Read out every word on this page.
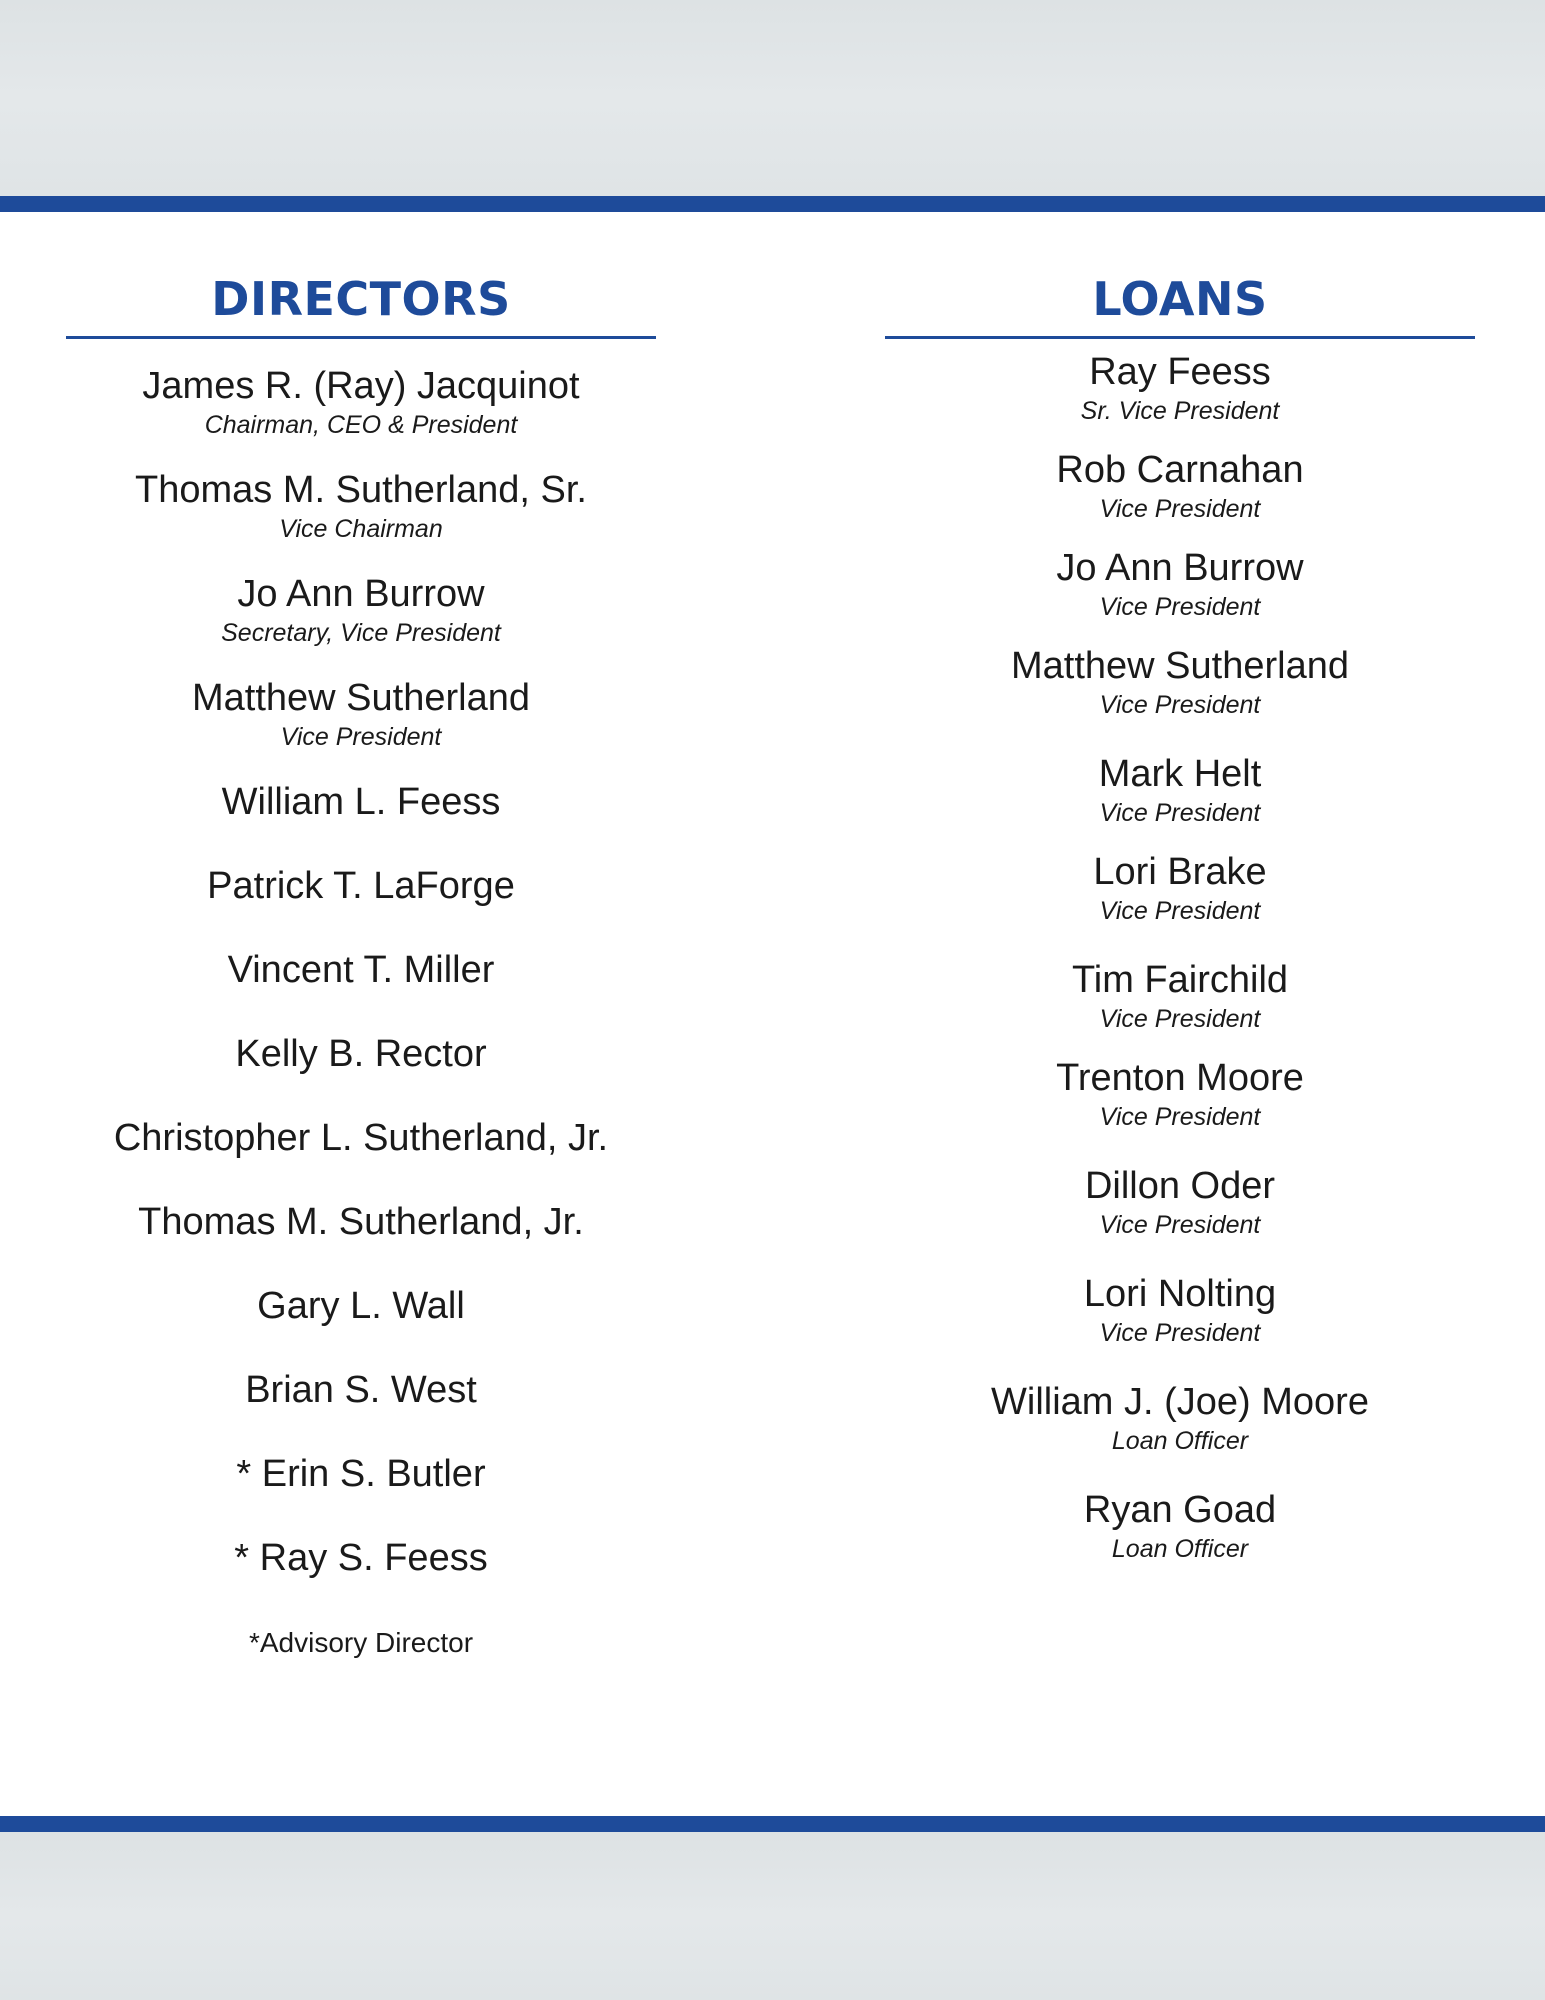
DIRECTORS
James R. (Ray) Jacquinot
Chairman, CEO & President
Thomas M. Sutherland, Sr.
Vice Chairman
Jo Ann Burrow
Secretary, Vice President
Matthew Sutherland
Vice President
William L. Feess
Patrick T. LaForge
Vincent T. Miller
Kelly B. Rector
Christopher L. Sutherland, Jr.
Thomas M. Sutherland, Jr.
Gary L. Wall
Brian S. West
* Erin S. Butler
* Ray S. Feess
*Advisory Director
LOANS
Ray Feess
Sr. Vice President
Rob Carnahan
Vice President
Jo Ann Burrow
Vice President
Matthew Sutherland
Vice President
Mark Helt
Vice President
Lori Brake
Vice President
Tim Fairchild
Vice President
Trenton Moore
Vice President
Dillon Oder
Vice President
Lori Nolting
Vice President
William J. (Joe) Moore
Loan Officer
Ryan Goad
Loan Officer
